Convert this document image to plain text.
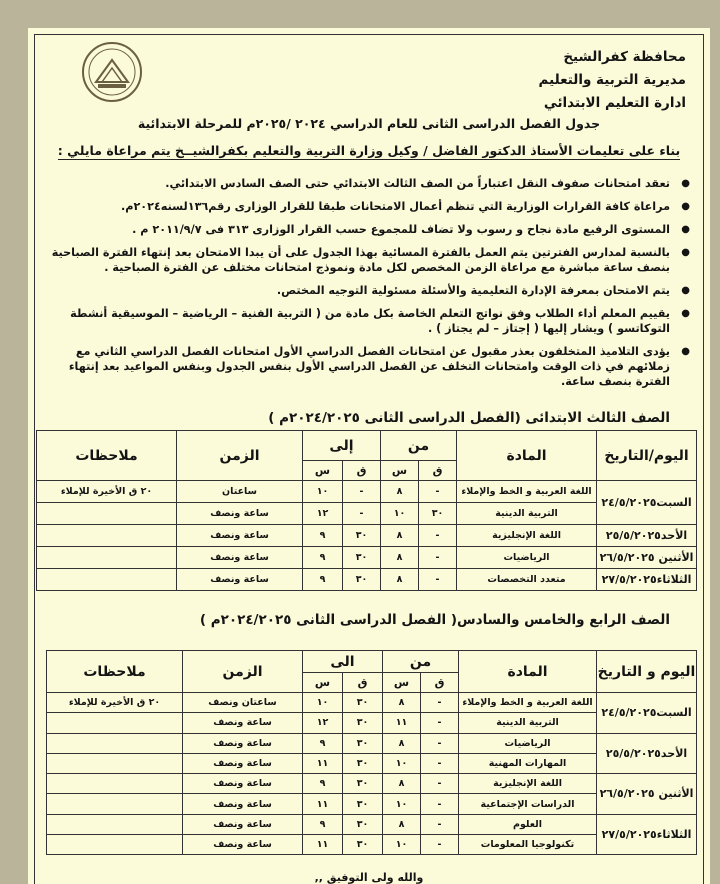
محافظة كفرالشيخ
مديرية التربية والتعليم
ادارة التعليم الابتدائي
جدول الفصل الدراسى الثانى للعام الدراسي ٢٠٢٤ /٢٠٢٥م للمرحلة الابتدائية
بناء على تعليمات الأستاذ الدكتور الفاضل / وكيل وزارة التربية والتعليم بكفرالشيــخ يتم مراعاة مايلي :
● تعقد امتحانات صفوف النقل اعتباراً من الصف الثالث الابتدائي حتى الصف السادس الابتدائي.
● مراعاة كافة القرارات الوزارية التي تنظم أعمال الامتحانات طبقا للقرار الوزارى رقم١٣٦لسنه٢٠٢٤م.
● المستوى الرفيع مادة نجاح و رسوب ولا تضاف للمجموع حسب القرار الوزارى ٣١٣ فى ٢٠١١/٩/٧ م .
● بالنسبة لمدارس الفترتين يتم العمل بالفترة المسائية بهذا الجدول على أن يبدا الامتحان بعد إنتهاء الفترة الصباحية بنصف ساعة مباشرة مع مراعاة الزمن المخصص لكل مادة ونموذج امتحانات مختلف عن الفترة الصباحية .
● يتم الامتحان بمعرفة الإدارة التعليمية والأسئلة مسئولية التوجيه المختص.
● يقييم المعلم أداء الطلاب وفق نواتج التعلم الخاصة بكل مادة من ( التربية الفنية – الرياضية – الموسيقية أنشطة التوكاتسو ) ويشار إليها ( إجتاز – لم يجتاز ) .
● يؤدى التلاميذ المتخلفون بعذر مقبول عن امتحانات الفصل الدراسي الأول امتحانات الفصل الدراسي الثاني مع زملائهم في ذات الوقت وامتحانات التخلف عن الفصل الدراسي الأول بنفس الجدول وبنفس المواعيد بعد إنتهاء الفترة بنصف ساعة.
الصف الثالث الابتدائى (الفصل الدراسى الثانى ٢٠٢٤/٢٠٢٥م )
اليوم/التاريخ	المادة	من		إلى		الزمن	ملاحظات
		ق	س	ق	س		
السبت٢٤/٥/٢٠٢٥	اللغة العربية و الخط والإملاء	-	٨	-	١٠	ساعتان	٢٠ ق الأخيرة للإملاء
	التربية الدينية	٣٠	١٠	-	١٢	ساعة ونصف	
الأحد٢٥/٥/٢٠٢٥	اللغة الإنجليزية	-	٨	٣٠	٩	ساعة ونصف	
الأثنين ٢٦/٥/٢٠٢٥	الرياضيات	-	٨	٣٠	٩	ساعة ونصف	
الثلاثاء٢٧/٥/٢٠٢٥	متعدد التخصصات	-	٨	٣٠	٩	ساعة ونصف	
الصف الرابع والخامس والسادس( الفصل الدراسى الثانى ٢٠٢٤/٢٠٢٥م )
اليوم و التاريخ	المادة	من		الى		الزمن	ملاحظات
		ق	س	ق	س		
السبت٢٤/٥/٢٠٢٥	اللغة العربية و الخط والإملاء	-	٨	٣٠	١٠	ساعتان ونصف	٢٠ ق الأخيرة للإملاء
	التربية الدينية	-	١١	٣٠	١٢	ساعة ونصف	
الأحد٢٥/٥/٢٠٢٥	الرياضيات	-	٨	٣٠	٩	ساعة ونصف	
	المهارات المهنية	-	١٠	٣٠	١١	ساعة ونصف	
الأثنين ٢٦/٥/٢٠٢٥	اللغة الإنجليزية	-	٨	٣٠	٩	ساعة ونصف	
	الدراسات الإجتماعية	-	١٠	٣٠	١١	ساعة ونصف	
الثلاثاء٢٧/٥/٢٠٢٥	العلوم	-	٨	٣٠	٩	ساعة ونصف	
	تكنولوجيا المعلومات	-	١٠	٣٠	١١	ساعة ونصف	
والله ولى التوفيق ,,
